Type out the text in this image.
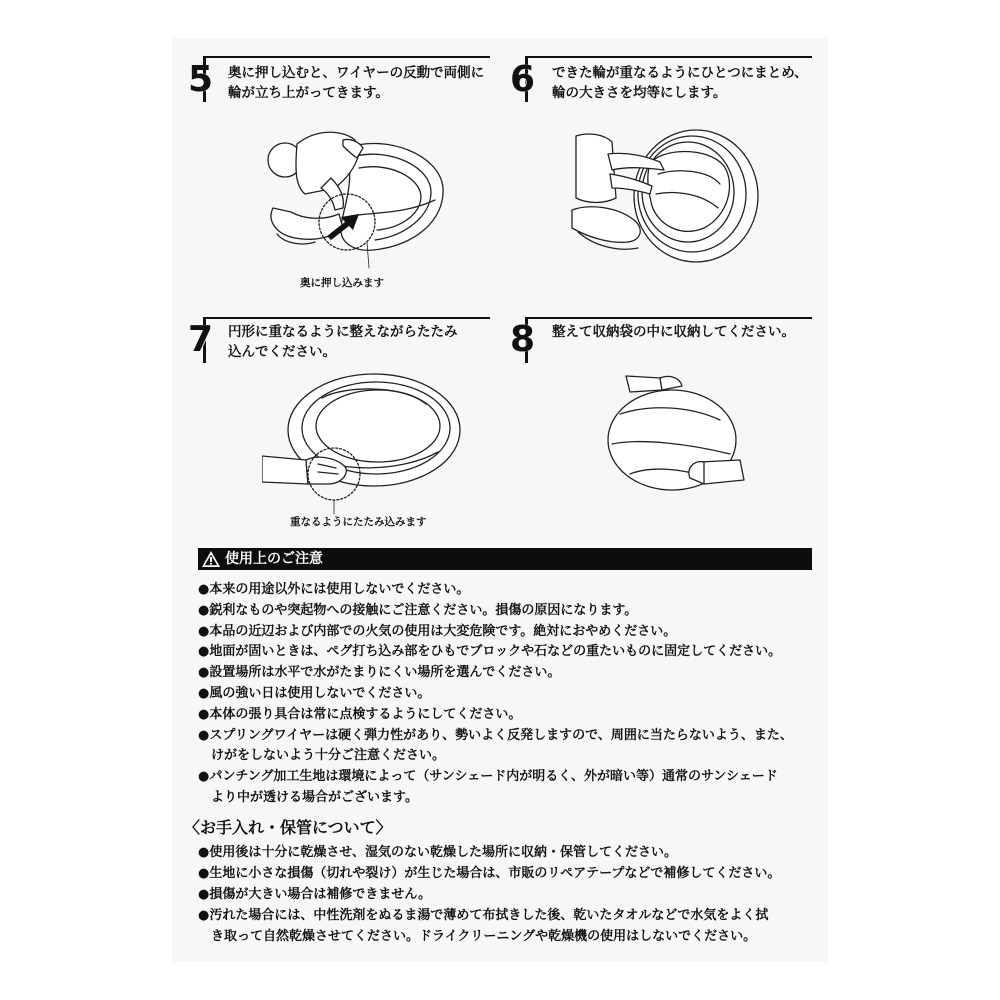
5 奥に押し込むと、ワイヤーの反動で両側に
輪が立ち上がってきます。
奥に押し込みます
6 できた輪が重なるようにひとつにまとめ、
輪の大きさを均等にします。
7 円形に重なるように整えながらたたみ
込んでください。
重なるようにたたみ込みます
8 整えて収納袋の中に収納してください。
使用上のご注意
●本来の用途以外には使用しないでください。
●鋭利なものや突起物への接触にご注意ください。損傷の原因になります。
●本品の近辺および内部での火気の使用は大変危険です。絶対におやめください。
●地面が固いときは、ペグ打ち込み部をひもでブロックや石などの重たいものに固定してください。
●設置場所は水平で水がたまりにくい場所を選んでください。
●風の強い日は使用しないでください。
●本体の張り具合は常に点検するようにしてください。
●スプリングワイヤーは硬く弾力性があり、勢いよく反発しますので、周囲に当たらないよう、また、
けがをしないよう十分ご注意ください。
●パンチング加工生地は環境によって（サンシェード内が明るく、外が暗い等）通常のサンシェード
より中が透ける場合がございます。
〈お手入れ・保管について〉
●使用後は十分に乾燥させ、湿気のない乾燥した場所に収納・保管してください。
●生地に小さな損傷（切れや裂け）が生じた場合は、市販のリペアテープなどで補修してください。
●損傷が大きい場合は補修できません。
●汚れた場合には、中性洗剤をぬるま湯で薄めて布拭きした後、乾いたタオルなどで水気をよく拭
き取って自然乾燥させてください。ドライクリーニングや乾燥機の使用はしないでください。
